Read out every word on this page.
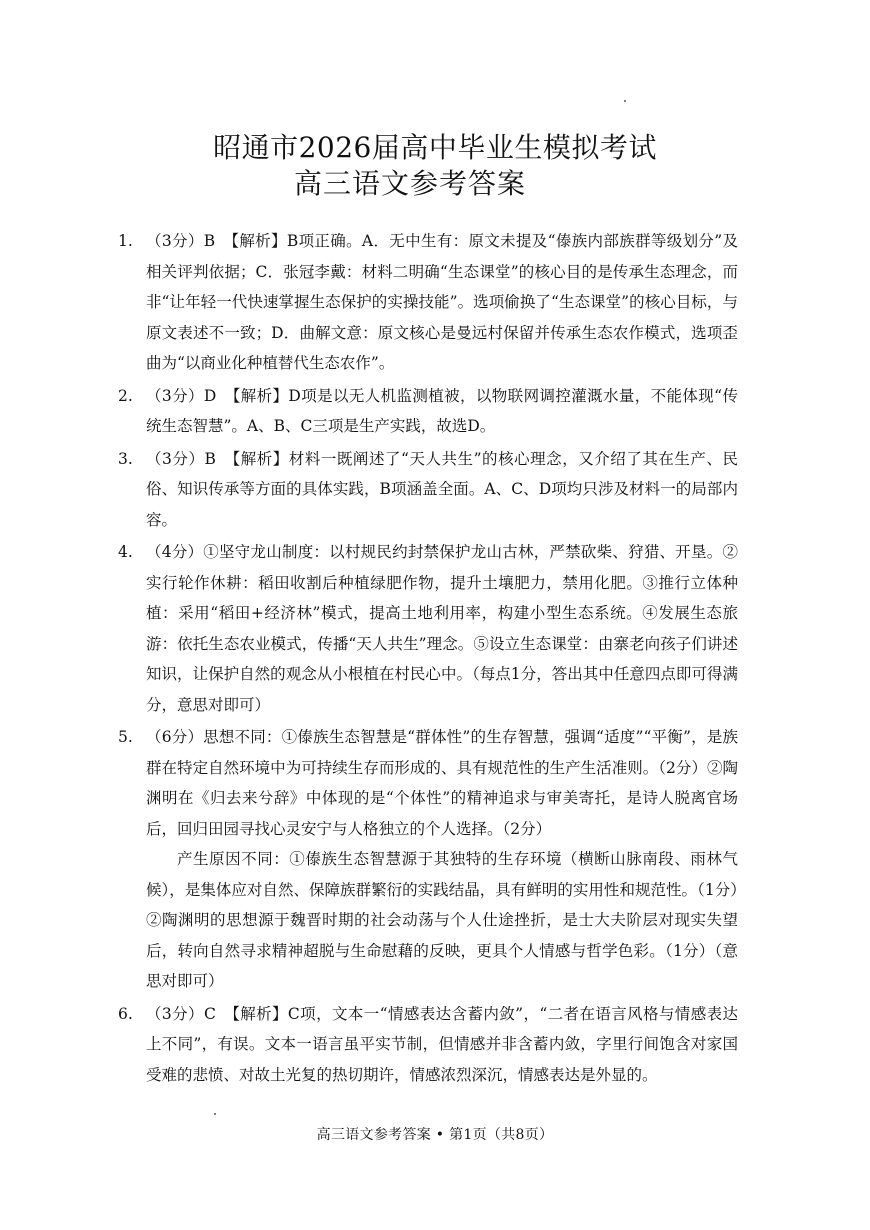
昭通市2026届高中毕业生模拟考试
高三语文参考答案
1. （3分）B　【解析】B项正确。A．无中生有：原文未提及“傣族内部族群等级划分”及相关评判依据；C．张冠李戴：材料二明确“生态课堂”的核心目的是传承生态理念，而非“让年轻一代快速掌握生态保护的实操技能”。选项偷换了“生态课堂”的核心目标，与原文表述不一致；D．曲解文意：原文核心是曼远村保留并传承生态农作模式，选项歪曲为“以商业化种植替代生态农作”。

2. （3分）D　【解析】D项是以无人机监测植被，以物联网调控灌溉水量，不能体现“传统生态智慧”。A、B、C三项是生产实践，故选D。

3. （3分）B　【解析】材料一既阐述了“天人共生”的核心理念，又介绍了其在生产、民俗、知识传承等方面的具体实践，B项涵盖全面。A、C、D项均只涉及材料一的局部内容。

4. （4分）①坚守龙山制度：以村规民约封禁保护龙山古林，严禁砍柴、狩猎、开垦。②实行轮作休耕：稻田收割后种植绿肥作物，提升土壤肥力，禁用化肥。③推行立体种植：采用“稻田+经济林”模式，提高土地利用率，构建小型生态系统。④发展生态旅游：依托生态农业模式，传播“天人共生”理念。⑤设立生态课堂：由寨老向孩子们讲述知识，让保护自然的观念从小根植在村民心中。（每点1分，答出其中任意四点即可得满分，意思对即可）

5. （6分）思想不同：①傣族生态智慧是“群体性”的生存智慧，强调“适度”“平衡”，是族群在特定自然环境中为可持续生存而形成的、具有规范性的生产生活准则。（2分）②陶渊明在《归去来兮辞》中体现的是“个体性”的精神追求与审美寄托，是诗人脱离官场后，回归田园寻找心灵安宁与人格独立的个人选择。（2分）

产生原因不同：①傣族生态智慧源于其独特的生存环境（横断山脉南段、雨林气候），是集体应对自然、保障族群繁衍的实践结晶，具有鲜明的实用性和规范性。（1分）②陶渊明的思想源于魏晋时期的社会动荡与个人仕途挫折，是士大夫阶层对现实失望后，转向自然寻求精神超脱与生命慰藉的反映，更具个人情感与哲学色彩。（1分）（意思对即可）

6. （3分）C　【解析】C项，文本一“情感表达含蓄内敛”，“二者在语言风格与情感表达上不同”，有误。文本一语言虽平实节制，但情感并非含蓄内敛，字里行间饱含对家国受难的悲愤、对故土光复的热切期许，情感浓烈深沉，情感表达是外显的。

高三语文参考答案 • 第1页（共8页）
